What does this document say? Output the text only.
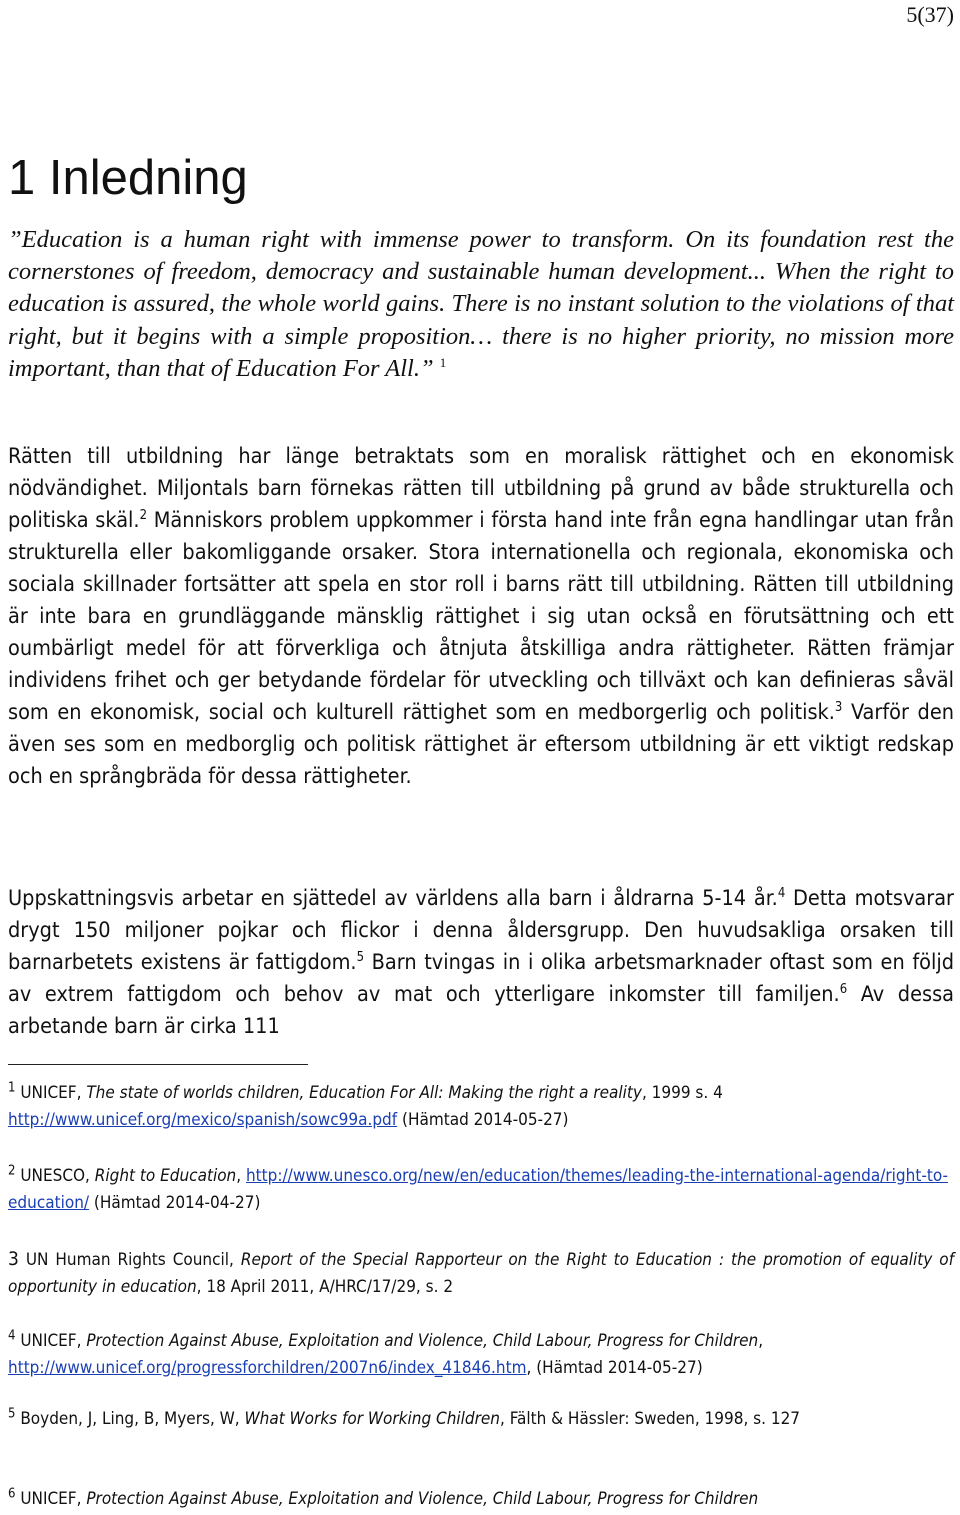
5(37)
1 Inledning

”Education is a human right with immense power to transform. On its foundation rest the cornerstones of freedom, democracy and sustainable human development... When the right to education is assured, the whole world gains. There is no instant solution to the violations of that right, but it begins with a simple proposition… there is no higher priority, no mission more important, than that of Education For All.” $^1$

Rätten till utbildning har länge betraktats som en moralisk rättighet och en ekonomisk nödvändighet. Miljontals barn förnekas rätten till utbildning på grund av både strukturella och politiska skäl.$^2$ Människors problem uppkommer i första hand inte från egna handlingar utan från strukturella eller bakomliggande orsaker. Stora internationella och regionala, ekonomiska och sociala skillnader fortsätter att spela en stor roll i barns rätt till utbildning. Rätten till utbildning är inte bara en grundläggande mänsklig rättighet i sig utan också en förutsättning och ett oumbärligt medel för att förverkliga och åtnjuta åtskilliga andra rättigheter. Rätten främjar individens frihet och ger betydande fördelar för utveckling och tillväxt och kan definieras såväl som en ekonomisk, social och kulturell rättighet som en medborgerlig och politisk.$^3$ Varför den även ses som en medborglig och politisk rättighet är eftersom utbildning är ett viktigt redskap och en språngbräda för dessa rättigheter.

Uppskattningsvis arbetar en sjättedel av världens alla barn i åldrarna 5-14 år.$^4$ Detta motsvarar drygt 150 miljoner pojkar och flickor i denna åldersgrupp. Den huvudsakliga orsaken till barnarbetets existens är fattigdom.$^5$ Barn tvingas in i olika arbetsmarknader oftast som en följd av extrem fattigdom och behov av mat och ytterligare inkomster till familjen.$^6$ Av dessa arbetande barn är cirka 111

$^1$ UNICEF, The state of worlds children, Education For All: Making the right a reality, 1999 s. 4
http://www.unicef.org/mexico/spanish/sowc99a.pdf (Hämtad 2014-05-27)

$^2$ UNESCO, Right to Education, http://www.unesco.org/new/en/education/themes/leading-the-international-agenda/right-to-education/ (Hämtad 2014-04-27)

3 UN Human Rights Council, Report of the Special Rapporteur on the Right to Education : the promotion of equality of opportunity in education, 18 April 2011, A/HRC/17/29, s. 2

$^4$ UNICEF, Protection Against Abuse, Exploitation and Violence, Child Labour, Progress for Children,
http://www.unicef.org/progressforchildren/2007n6/index_41846.htm, (Hämtad 2014-05-27)

$^5$ Boyden, J, Ling, B, Myers, W, What Works for Working Children, Fälth & Hässler: Sweden, 1998, s. 127

$^6$ UNICEF, Protection Against Abuse, Exploitation and Violence, Child Labour, Progress for Children
